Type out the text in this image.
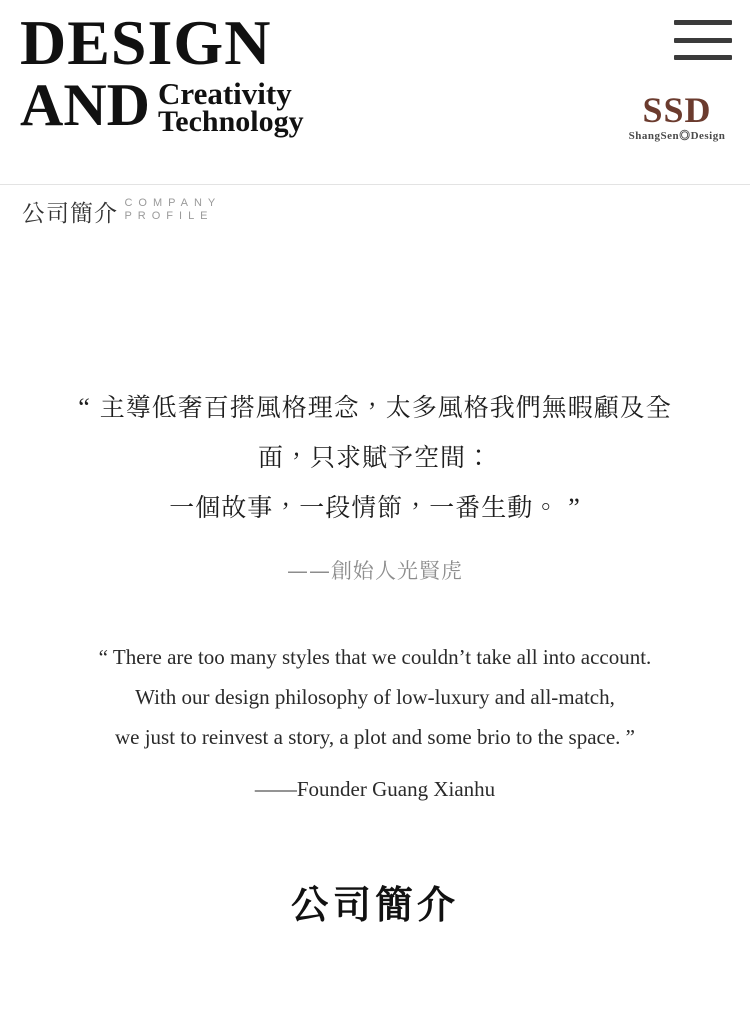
DESIGN
AND Creativity
Technology	SSD
ShangSen◎Design
公司簡介 COMPANY
PROFILE
“ 主導低奢百搭風格理念，太多風格我們無暇顧及全
面，只求賦予空間：
一個故事，一段情節，一番生動。 ”
——創始人光賢虎
“ There are too many styles that we couldn’t take all into account.
With our design philosophy of low-luxury and all-match,
we just to reinvest a story, a plot and some brio to the space. ”
——Founder Guang Xianhu
公司簡介
